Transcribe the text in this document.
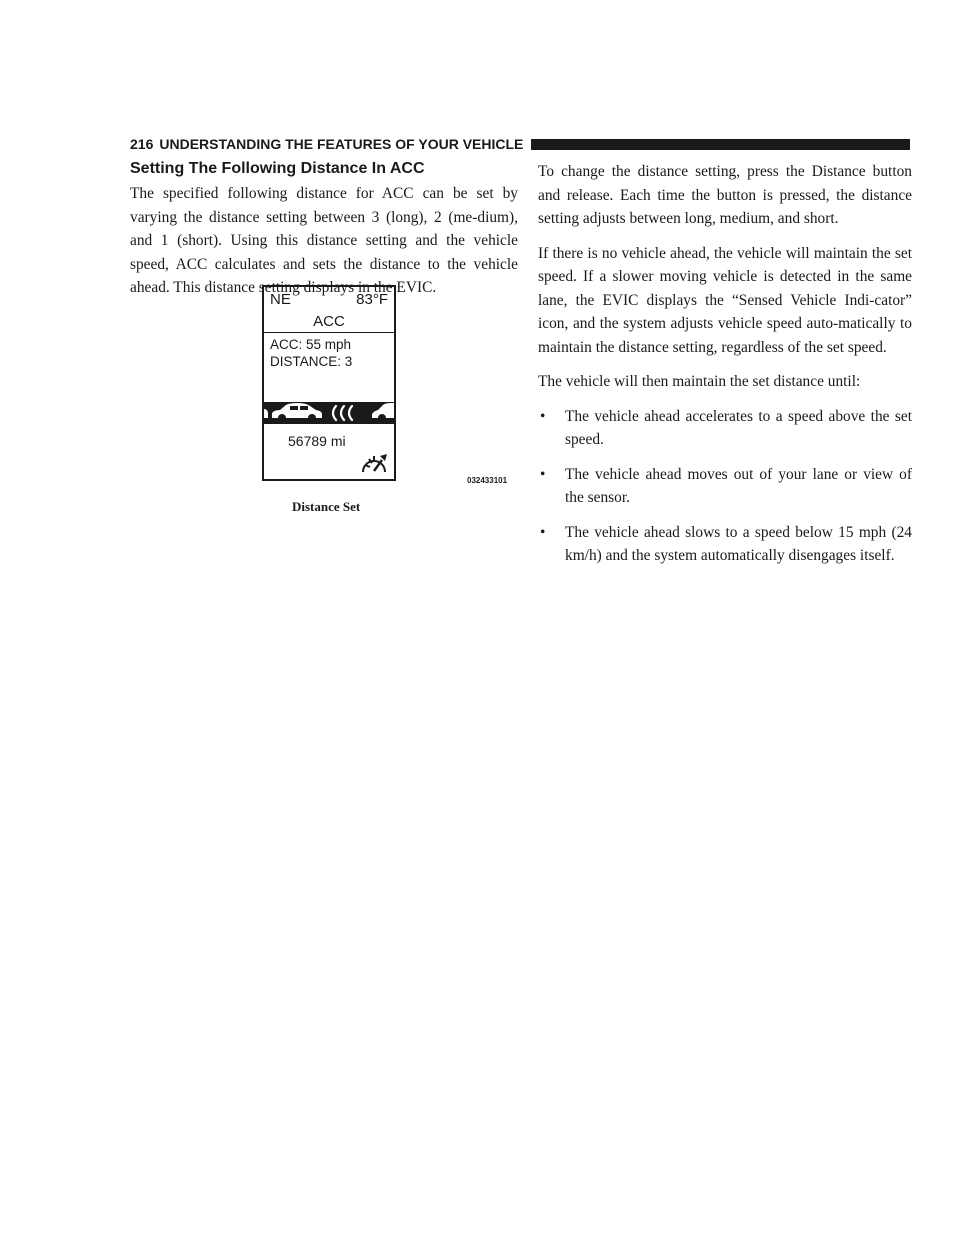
216 UNDERSTANDING THE FEATURES OF YOUR VEHICLE
Setting The Following Distance In ACC

The specified following distance for ACC can be set by varying the distance setting between 3 (long), 2 (me-dium), and 1 (short). Using this distance setting and the vehicle speed, ACC calculates and sets the distance to the vehicle ahead. This distance setting displays in the EVIC.

NE	83°F
ACC
ACC: 55 mph
DISTANCE: 3
56789 mi
032433101
Distance Set

To change the distance setting, press the Distance button and release. Each time the button is pressed, the distance setting adjusts between long, medium, and short.

If there is no vehicle ahead, the vehicle will maintain the set speed. If a slower moving vehicle is detected in the same lane, the EVIC displays the “Sensed Vehicle Indi-cator” icon, and the system adjusts vehicle speed auto-matically to maintain the distance setting, regardless of the set speed.

The vehicle will then maintain the set distance until:

• The vehicle ahead accelerates to a speed above the set speed.
• The vehicle ahead moves out of your lane or view of the sensor.
• The vehicle ahead slows to a speed below 15 mph (24 km/h) and the system automatically disengages itself.
